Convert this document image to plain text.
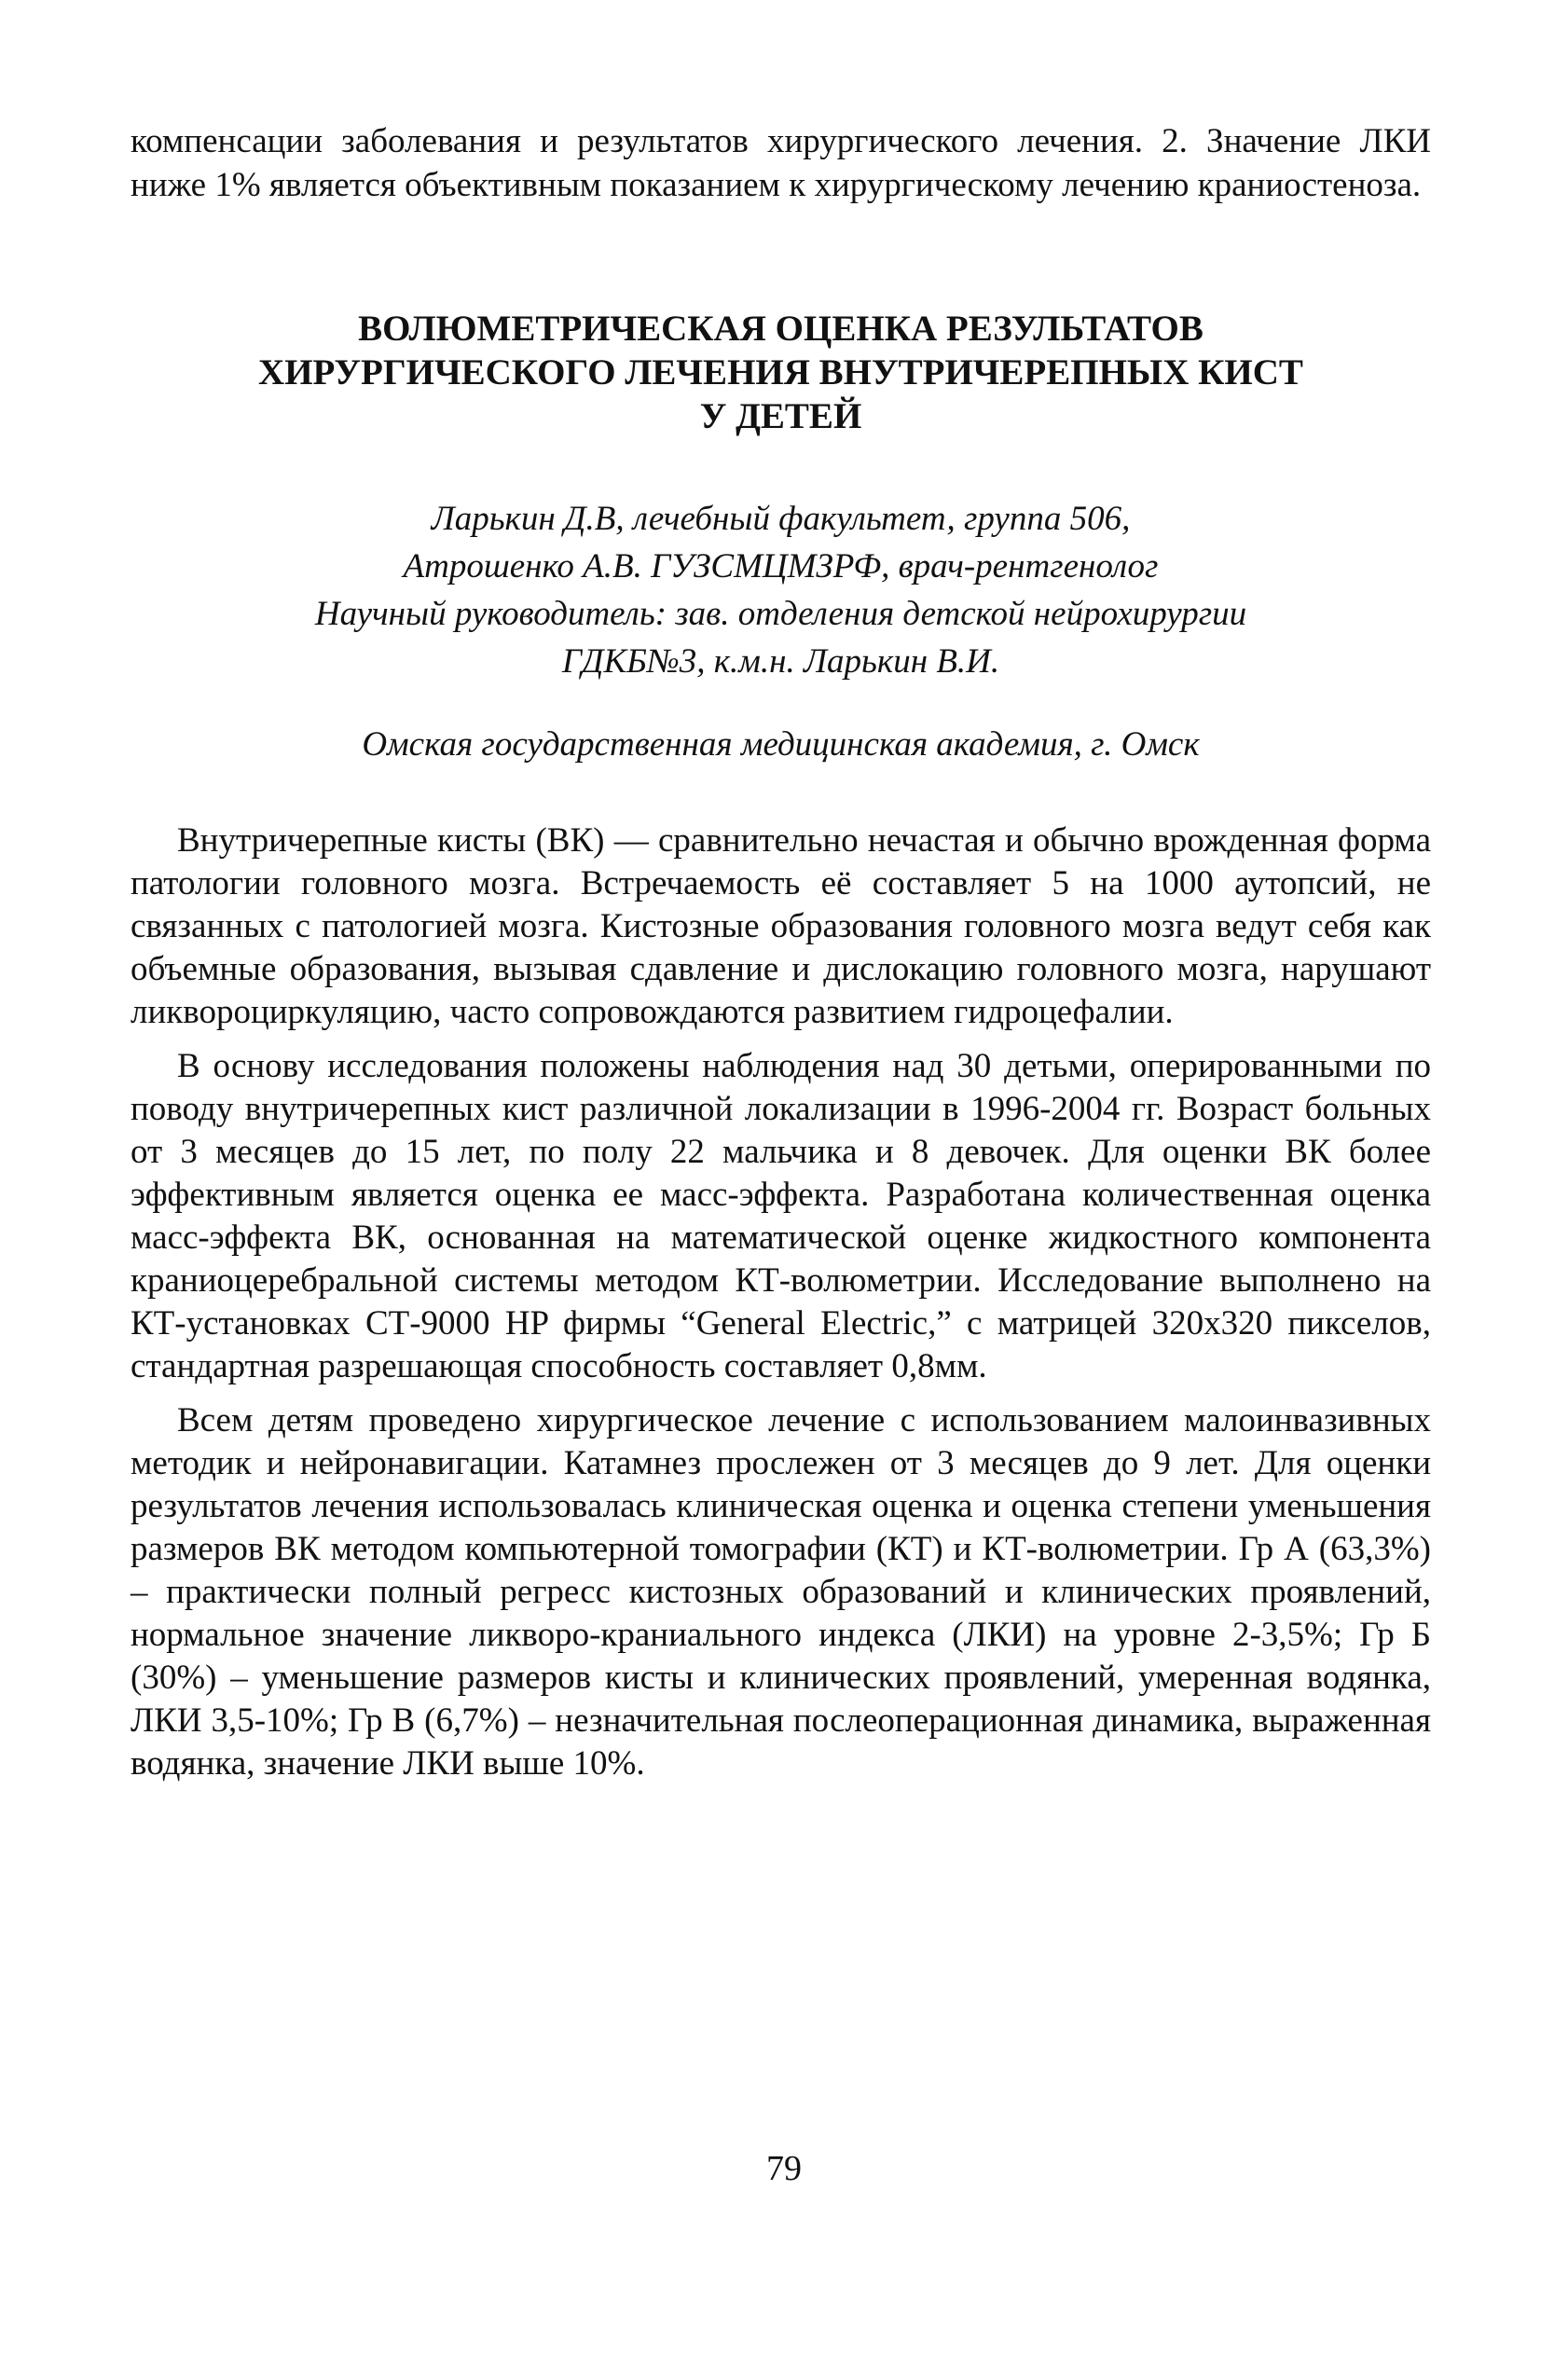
компенсации заболевания и результатов хирургического лечения. 2. Значение ЛКИ ниже 1% является объективным показанием к хирургическому лечению краниостеноза.

ВОЛЮМЕТРИЧЕСКАЯ ОЦЕНКА РЕЗУЛЬТАТОВ
ХИРУРГИЧЕСКОГО ЛЕЧЕНИЯ ВНУТРИЧЕРЕПНЫХ КИСТ
У ДЕТЕЙ
Ларькин Д.В, лечебный факультет, группа 506,
Атрошенко А.В. ГУЗСМЦМЗРФ, врач-рентгенолог
Научный руководитель: зав. отделения детской нейрохирургии
ГДКБ№3, к.м.н. Ларькин В.И.
Омская государственная медицинская академия, г. Омск

Внутричерепные кисты (ВК) — сравнительно нечастая и обычно врожденная форма патологии головного мозга. Встречаемость её составляет 5 на 1000 аутопсий, не связанных с патологией мозга. Кистозные образования головного мозга ведут себя как объемные образования, вызывая сдавление и дислокацию головного мозга, нарушают ликвороциркуляцию, часто сопровождаются развитием гидроцефалии.

В основу исследования положены наблюдения над 30 детьми, оперированными по поводу внутричерепных кист различной локализации в 1996-2004 гг. Возраст больных от 3 месяцев до 15 лет, по полу 22 мальчика и 8 девочек. Для оценки ВК более эффективным является оценка ее масс-эффекта. Разработана количественная оценка масс-эффекта ВК, основанная на математической оценке жидкостного компонента краниоцеребральной системы методом КТ-волюметрии. Исследование выполнено на КТ-установках СТ-9000 HP фирмы “General Electric,” с матрицей 320х320 пикселов, стандартная разрешающая способность составляет 0,8мм.

Всем детям проведено хирургическое лечение с использованием малоинвазивных методик и нейронавигации. Катамнез прослежен от 3 месяцев до 9 лет. Для оценки результатов лечения использовалась клиническая оценка и оценка степени уменьшения размеров ВК методом компьютерной томографии (КТ) и КТ-волюметрии. Гр А (63,3%) – практически полный регресс кистозных образований и клинических проявлений, нормальное значение ликворо-краниального индекса (ЛКИ) на уровне 2-3,5%; Гр Б (30%) – уменьшение размеров кисты и клинических проявлений, умеренная водянка, ЛКИ 3,5-10%; Гр В (6,7%) – незначительная послеоперационная динамика, выраженная водянка, значение ЛКИ выше 10%.

79
